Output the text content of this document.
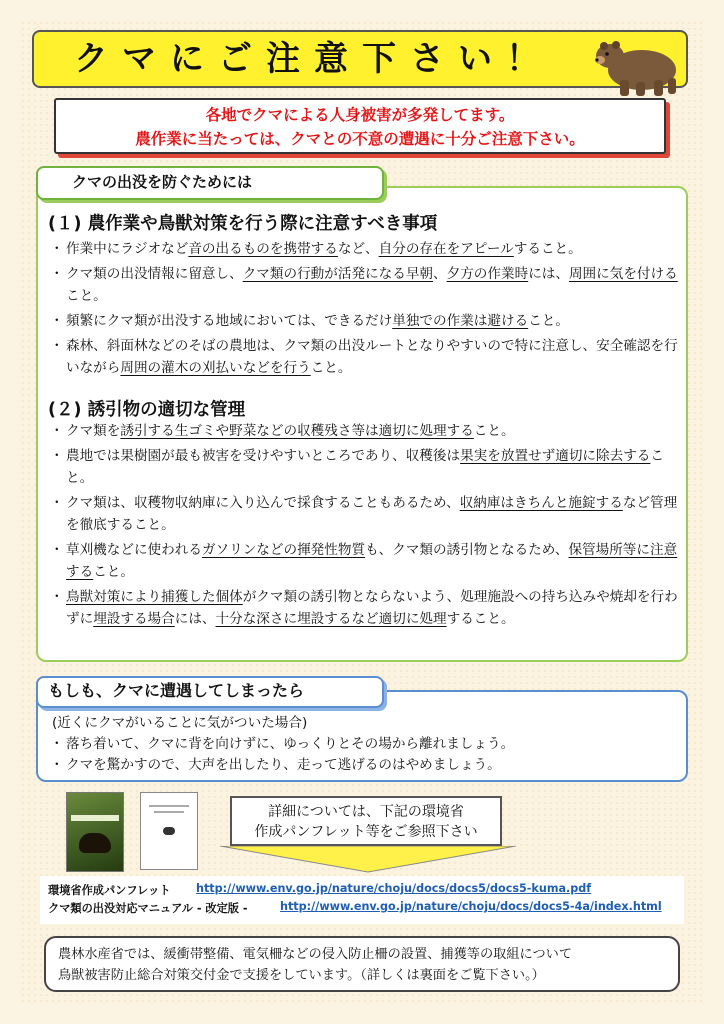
クマにご注意下さい！
各地でクマによる人身被害が多発してます。
農作業に当たっては、クマとの不意の遭遇に十分ご注意下さい。
クマの出没を防ぐためには
(１) 農作業や鳥獣対策を行う際に注意すべき事項
・ 作業中にラジオなど音の出るものを携帯するなど、自分の存在をアピールすること。
・ クマ類の出没情報に留意し、クマ類の行動が活発になる早朝、夕方の作業時には、周囲に気を付けること。
・ 頻繁にクマ類が出没する地域においては、できるだけ単独での作業は避けること。
・ 森林、斜面林などのそばの農地は、クマ類の出没ルートとなりやすいので特に注意し、安全確認を行いながら周囲の灌木の刈払いなどを行うこと。
(２) 誘引物の適切な管理
・ クマ類を誘引する生ゴミや野菜などの収穫残さ等は適切に処理すること。
・ 農地では果樹園が最も被害を受けやすいところであり、収穫後は果実を放置せず適切に除去すること。
・ クマ類は、収穫物収納庫に入り込んで採食することもあるため、収納庫はきちんと施錠するなど管理を徹底すること。
・ 草刈機などに使われるガソリンなどの揮発性物質も、クマ類の誘引物となるため、保管場所等に注意すること。
・ 鳥獣対策により捕獲した個体がクマ類の誘引物とならないよう、処理施設への持ち込みや焼却を行わずに埋設する場合には、十分な深さに埋設するなど適切に処理すること。
もしも、クマに遭遇してしまったら
(近くにクマがいることに気がついた場合)
・ 落ち着いて、クマに背を向けずに、ゆっくりとその場から離れましょう。
・ クマを驚かすので、大声を出したり、走って逃げるのはやめましょう。
詳細については、下記の環境省
作成パンフレット等をご参照下さい
環境省作成パンフレット http://www.env.go.jp/nature/choju/docs/docs5/docs5-kuma.pdf
クマ類の出没対応マニュアル - 改定版 -	http://www.env.go.jp/nature/choju/docs/docs5-4a/index.html
農林水産省では、緩衝帯整備、電気柵などの侵入防止柵の設置、捕獲等の取組について
鳥獣被害防止総合対策交付金で支援をしています。（詳しくは裏面をご覧下さい。）
